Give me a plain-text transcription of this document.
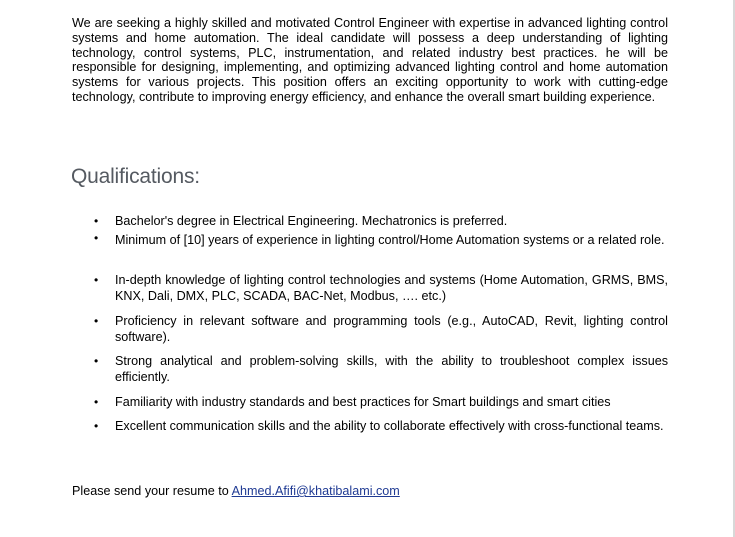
We are seeking a highly skilled and motivated Control Engineer with expertise in advanced lighting control systems and home automation. The ideal candidate will possess a deep understanding of lighting technology, control systems, PLC, instrumentation, and related industry best practices. he will be responsible for designing, implementing, and optimizing advanced lighting control and home automation systems for various projects. This position offers an exciting opportunity to work with cutting-edge technology, contribute to improving energy efficiency, and enhance the overall smart building experience.

Qualifications:
•	Bachelor's degree in Electrical Engineering. Mechatronics is preferred.
•	Minimum of [10] years of experience in lighting control/Home Automation systems or a related role.
•	In-depth knowledge of lighting control technologies and systems (Home Automation, GRMS, BMS, KNX, Dali, DMX, PLC, SCADA, BAC-Net, Modbus, …. etc.)
•	Proficiency in relevant software and programming tools (e.g., AutoCAD, Revit, lighting control software).
•	Strong analytical and problem-solving skills, with the ability to troubleshoot complex issues efficiently.
•	Familiarity with industry standards and best practices for Smart buildings and smart cities
•	Excellent communication skills and the ability to collaborate effectively with cross-functional teams.

Please send your resume to Ahmed.Afifi@khatibalami.com
